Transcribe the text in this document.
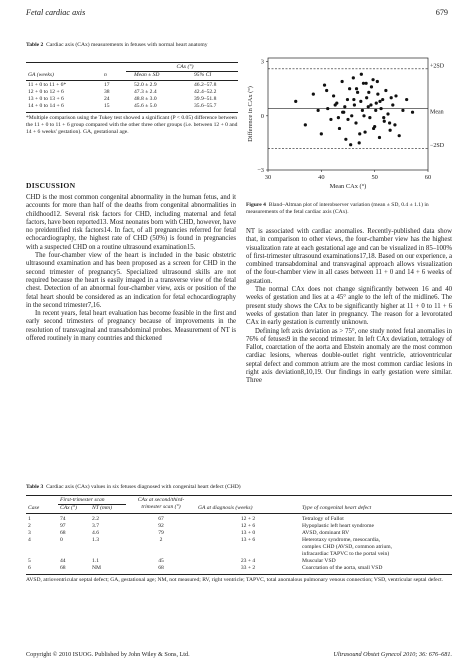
Fetal cardiac axis	679
Table 2 Cardiac axis (CAx) measurements in fetuses with normal heart anatomy
		CAx (°)	

GA (weeks)	n	Mean ± SD	95% CI

11 + 0 to 11 + 6*	17	52.0 ± 2.9	46.2–57.8
12 + 0 to 12 + 6	38	47.3 ± 2.4	42.4–52.2
13 + 0 to 13 + 6	24	48.8 ± 3.0	39.9–51.8
14 + 0 to 14 + 6	15	45.6 ± 5.0	35.6–55.7
*Multiple comparison using the Tukey test showed a significant (P < 0.05) difference between the 11 + 0 to 11 + 6 group compared with the other three other groups (i.e. between 12 + 0 and 14 + 6 weeks' gestation). GA, gestational age.
+2SD
Mean
−2SD
30	40	50	60
3
0
−3
Mean CAx (°)
Difference in CAx (°)
Figure 4 Bland–Altman plot of interobserver variation (mean ± SD, 0.4 ± 1.1) in measurements of the fetal cardiac axis (CAx).
DISCUSSION

CHD is the most common congenital abnormality in the human fetus, and it accounts for more than half of the deaths from congenital abnormalities in childhood12. Several risk factors for CHD, including maternal and fetal factors, have been reported13. Most neonates born with CHD, however, have no preidentified risk factors14. In fact, of all pregnancies referred for fetal echocardiography, the highest rate of CHD (50%) is found in pregnancies with a suspected CHD on a routine ultrasound examination15.

The four-chamber view of the heart is included in the basic obstetric ultrasound examination and has been proposed as a screen for CHD in the second trimester of pregnancy5. Specialized ultrasound skills are not required because the heart is easily imaged in a transverse view of the fetal chest. Detection of an abnormal four-chamber view, axis or position of the fetal heart should be considered as an indication for fetal echocardiography in the second trimester7,16.

In recent years, fetal heart evaluation has become feasible in the first and early second trimesters of pregnancy because of improvements in the resolution of transvaginal and transabdominal probes. Measurement of NT is offered routinely in many countries and thickened

NT is associated with cardiac anomalies. Recently-published data show that, in comparison to other views, the four-chamber view has the highest visualization rate at each gestational age and can be visualized in 85–100% of first-trimester ultrasound examinations17,18. Based on our experience, a combined transabdominal and transvaginal approach allows visualization of the four-chamber view in all cases between 11 + 0 and 14 + 6 weeks of gestation.

The normal CAx does not change significantly between 16 and 40 weeks of gestation and lies at a 45° angle to the left of the midline6. The present study shows the CAx to be significantly higher at 11 + 0 to 11 + 6 weeks of gestation than later in pregnancy. The reason for a levorotated CAx in early gestation is currently unknown.

Defining left axis deviation as > 75°, one study noted fetal anomalies in 76% of fetuses9 in the second trimester. In left CAx deviation, tetralogy of Fallot, coarctation of the aorta and Ebstein anomaly are the most common cardiac lesions, whereas double-outlet right ventricle, atrioventricular septal defect and common atrium are the most common cardiac lesions in right axis deviation8,10,19. Our findings in early gestation were similar. Three

Table 3 Cardiac axis (CAx) values in six fetuses diagnosed with congenital heart defect (CHD)
	First-trimester scan		CAx at second/third-trimester scan (°)		

Case	CAx (°)	NT (mm)		GA at diagnosis (weeks)	Type of congenital heart defect
1	74	2.2	67	12 + 2	Tetralogy of Fallot
2	97	3.7	92	12 + 6	Hypoplastic left heart syndrome
3	68	4.6	79	13 + 0	AVSD, dominant RV
4	0	1.3	2	13 + 6	Heterotaxy syndrome, mesocardia, complex CHD (AVSD, common atrium, infracardiac TAPVC to the portal vein)
5	44	1.1	45	23 + 4	Muscular VSD
6	68	NM	68	33 + 2	Coarctation of the aorta, small VSD
AVSD, atrioventricular septal defect; GA, gestational age; NM, not measured; RV, right ventricle; TAPVC, total anomalous pulmonary venous connection; VSD, ventricular septal defect.
Copyright © 2010 ISUOG. Published by John Wiley & Sons, Ltd.	Ultrasound Obstet Gynecol 2010; 36: 676–681.
